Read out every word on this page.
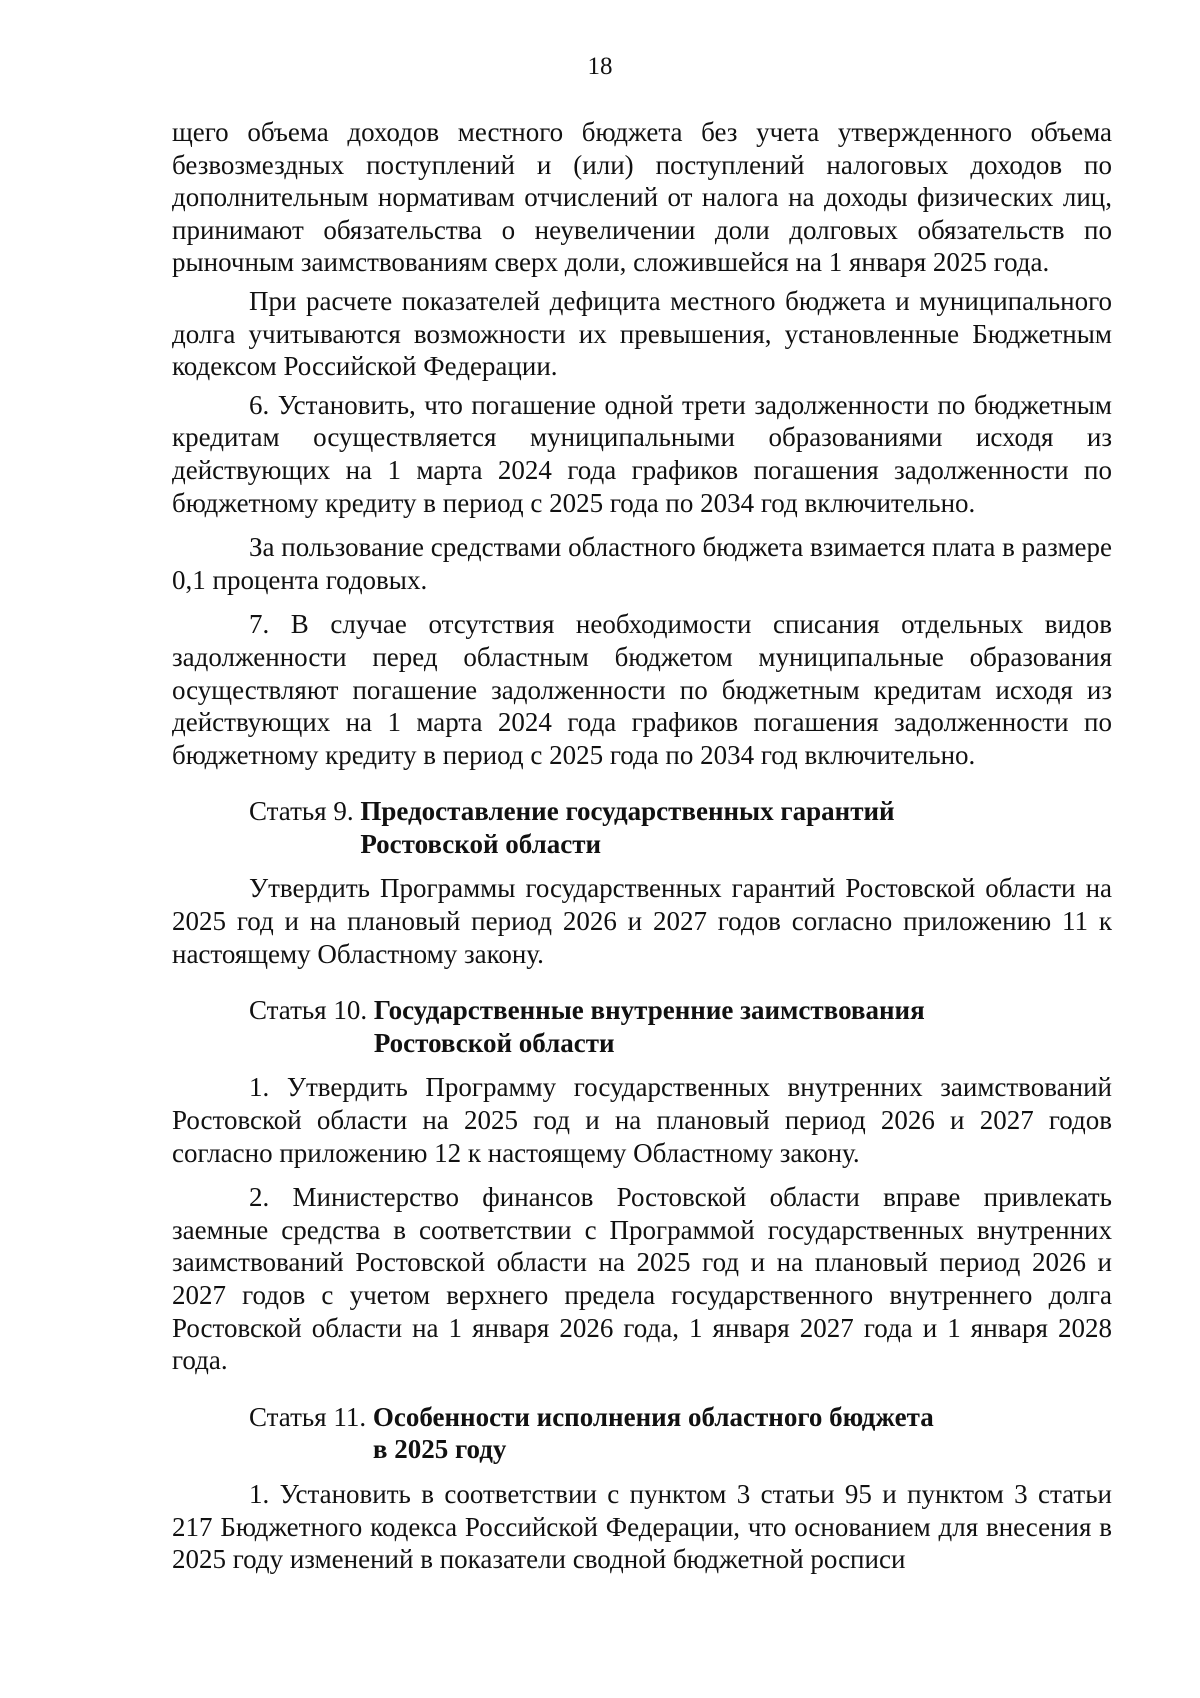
18

щего объема доходов местного бюджета без учета утвержденного объема безвозмездных поступлений и (или) поступлений налоговых доходов по дополнительным нормативам отчислений от налога на доходы физических лиц, принимают обязательства о неувеличении доли долговых обязательств по рыночным заимствованиям сверх доли, сложившейся на 1 января 2025 года.

При расчете показателей дефицита местного бюджета и муниципального долга учитываются возможности их превышения, установленные Бюджетным кодексом Российской Федерации.

6. Установить, что погашение одной трети задолженности по бюджетным кредитам осуществляется муниципальными образованиями исходя из действующих на 1 марта 2024 года графиков погашения задолженности по бюджетному кредиту в период с 2025 года по 2034 год включительно.

За пользование средствами областного бюджета взимается плата в размере 0,1 процента годовых.

7. В случае отсутствия необходимости списания отдельных видов задолженности перед областным бюджетом муниципальные образования осуществляют погашение задолженности по бюджетным кредитам исходя из действующих на 1 марта 2024 года графиков погашения задолженности по бюджетному кредиту в период с 2025 года по 2034 год включительно.

Статья 9. Предоставление государственных гарантий
Ростовской области

Утвердить Программы государственных гарантий Ростовской области на 2025 год и на плановый период 2026 и 2027 годов согласно приложению 11 к настоящему Областному закону.

Статья 10. Государственные внутренние заимствования
Ростовской области

1. Утвердить Программу государственных внутренних заимствований Ростовской области на 2025 год и на плановый период 2026 и 2027 годов согласно приложению 12 к настоящему Областному закону.

2. Министерство финансов Ростовской области вправе привлекать заемные средства в соответствии с Программой государственных внутренних заимствований Ростовской области на 2025 год и на плановый период 2026 и 2027 годов с учетом верхнего предела государственного внутреннего долга Ростовской области на 1 января 2026 года, 1 января 2027 года и 1 января 2028 года.

Статья 11. Особенности исполнения областного бюджета
в 2025 году

1. Установить в соответствии с пунктом 3 статьи 95 и пунктом 3 статьи 217 Бюджетного кодекса Российской Федерации, что основанием для внесения в 2025 году изменений в показатели сводной бюджетной росписи
